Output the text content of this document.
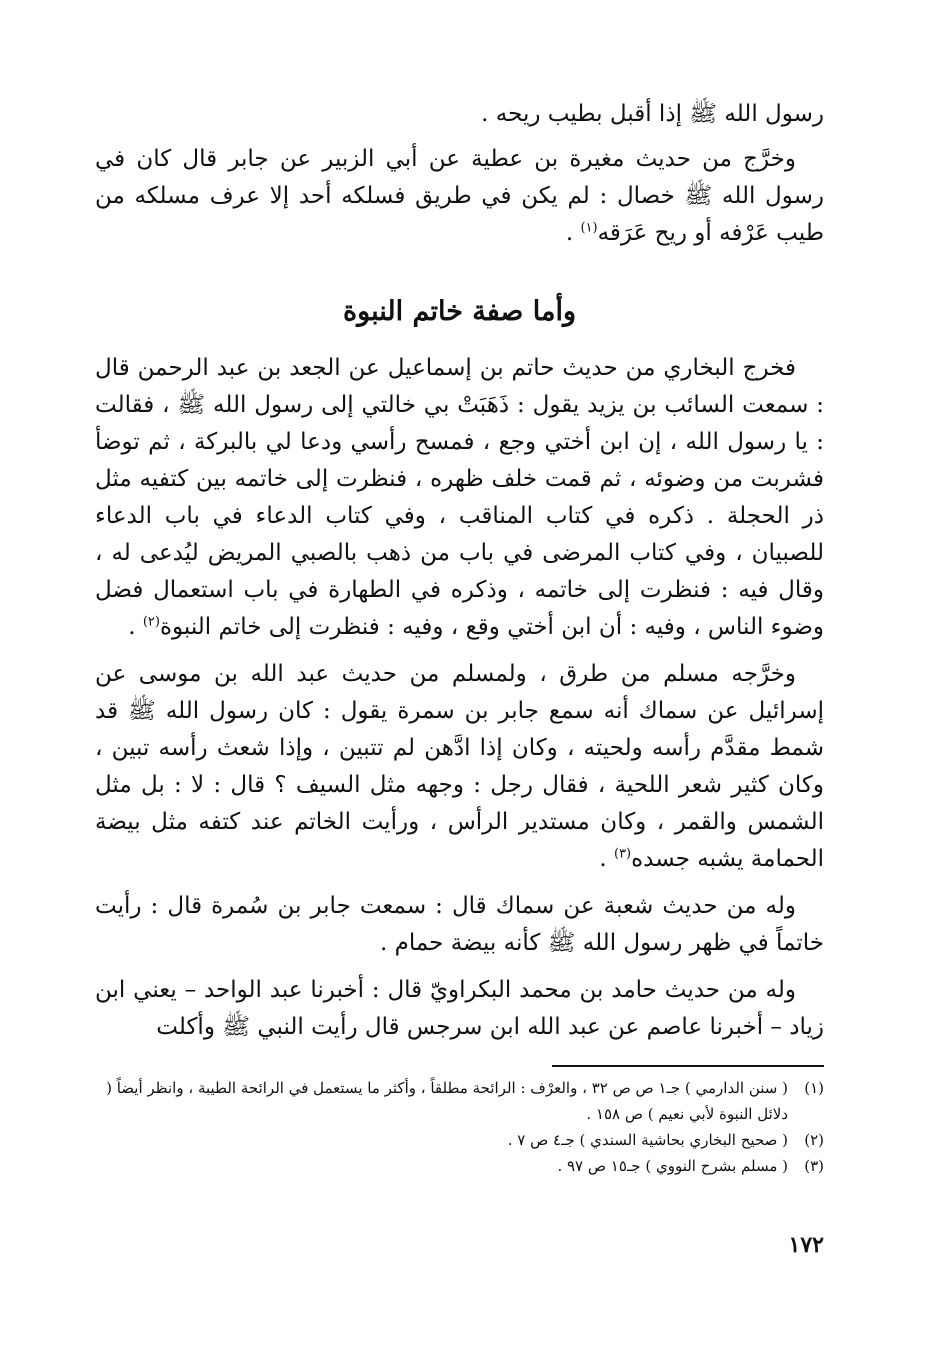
رسول الله ﷺ إذا أقبل بطيب ريحه .

وخرَّج من حديث مغيرة بن عطية عن أبي الزبير عن جابر قال كان في رسول الله ﷺ خصال : لم يكن في طريق فسلكه أحد إلا عرف مسلكه من طيب عَرْفه أو ريح عَرَقه$^{(١)}$ .

وأما صفة خاتم النبوة

فخرج البخاري من حديث حاتم بن إسماعيل عن الجعد بن عبد الرحمن قال : سمعت السائب بن يزيد يقول : ذَهَبَتْ بي خالتي إلى رسول الله ﷺ ، فقالت : يا رسول الله ، إن ابن أختي وجع ، فمسح رأسي ودعا لي بالبركة ، ثم توضأ فشربت من وضوئه ، ثم قمت خلف ظهره ، فنظرت إلى خاتمه بين كتفيه مثل ذر الحجلة . ذكره في كتاب المناقب ، وفي كتاب الدعاء في باب الدعاء للصبيان ، وفي كتاب المرضى في باب من ذهب بالصبي المريض ليُدعى له ، وقال فيه : فنظرت إلى خاتمه ، وذكره في الطهارة في باب استعمال فضل وضوء الناس ، وفيه : أن ابن أختي وقع ، وفيه : فنظرت إلى خاتم النبوة$^{(٢)}$ .

وخرَّجه مسلم من طرق ، ولمسلم من حديث عبد الله بن موسى عن إسرائيل عن سماك أنه سمع جابر بن سمرة يقول : كان رسول الله ﷺ قد شمط مقدَّم رأسه ولحيته ، وكان إذا ادَّهن لم تتبين ، وإذا شعث رأسه تبين ، وكان كثير شعر اللحية ، فقال رجل : وجهه مثل السيف ؟ قال : لا : بل مثل الشمس والقمر ، وكان مستدير الرأس ، ورأيت الخاتم عند كتفه مثل بيضة الحمامة يشبه جسده$^{(٣)}$ .

وله من حديث شعبة عن سماك قال : سمعت جابر بن سُمرة قال : رأيت خاتماً في ظهر رسول الله ﷺ كأنه بيضة حمام .

وله من حديث حامد بن محمد البكراويّ قال : أخبرنا عبد الواحد – يعني ابن زياد – أخبرنا عاصم عن عبد الله ابن سرجس قال رأيت النبي ﷺ وأكلت

(١)
( سنن الدارمي ) جـ١ ص ص ٣٢ ، والعرْف : الرائحة مطلقاً ، وأكثر ما يستعمل في الرائحة الطيبة ، وانظر أيضاً ( دلائل النبوة لأبي نعيم ) ص ١٥٨ .
(٢)
( صحيح البخاري بحاشية السندي ) جـ٤ ص ٧ .
(٣)
( مسلم بشرح النووي ) جـ١٥ ص ٩٧ .
١٧٢
